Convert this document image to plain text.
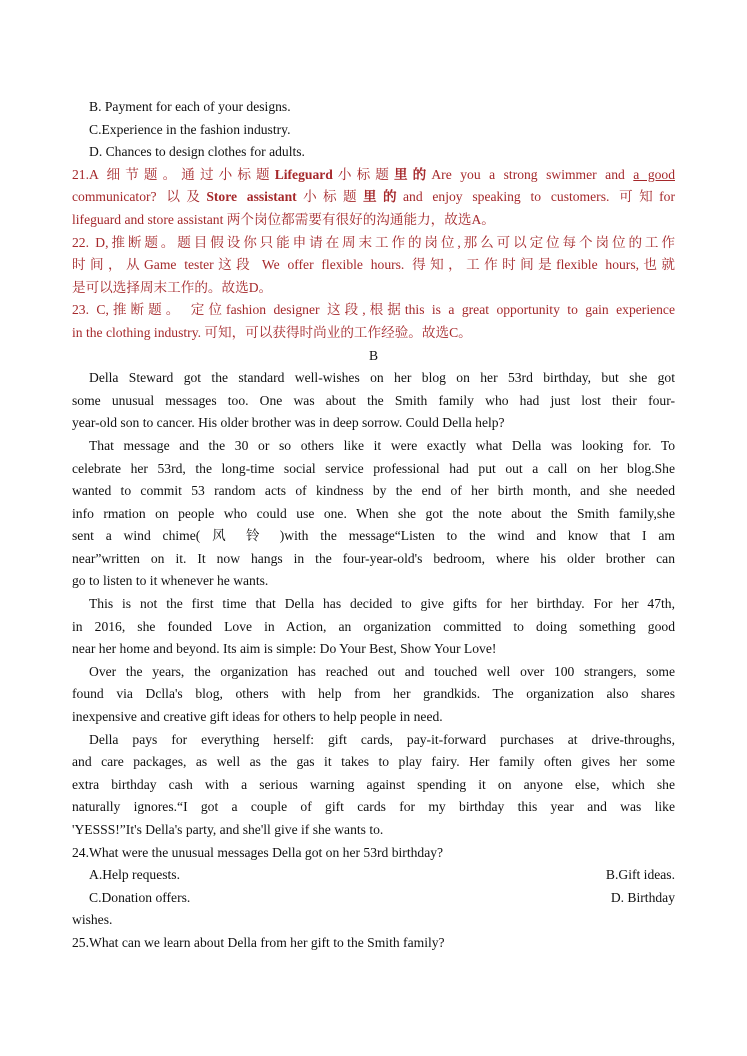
B. Payment for each of your designs.
C.Experience in the fashion industry.
D. Chances to design clothes for adults.
21.A 细节题。通过小标题Lifeguard小标题里的Are you a strong swimmer and a good
communicator? 以及Store assistant小标题里的and enjoy speaking to customers. 可知for
lifeguard and store assistant 两个岗位都需要有很好的沟通能力，故选A。
22. D,推断题。题目假设你只能申请在周末工作的岗位,那么可以定位每个岗位的工作
时间，从Game tester这段 We offer flexible hours. 得知，工作时间是flexible hours,也就
是可以选择周末工作的。故选D。
23. C,推断题。 定位fashion designer 这段,根据this is a great opportunity to gain experience
in the clothing industry. 可知，可以获得时尚业的工作经验。故选C。
B
Della Steward got the standard well-wishes on her blog on her 53rd birthday, but she got
some unusual messages too. One was about the Smith family who had just lost their four-
year-old son to cancer. His older brother was in deep sorrow. Could Della help?
That message and the 30 or so others like it were exactly what Della was looking for. To
celebrate her 53rd, the long-time social service professional had put out a call on her blog.She
wanted to commit 53 random acts of kindness by the end of her birth month, and she needed
info rmation on people who could use one. When she got the note about the Smith family,she
sent a wind chime( 风 铃 )with the message“Listen to the wind and know that I am
near”written on it. It now hangs in the four-year-old's bedroom, where his older brother can
go to listen to it whenever he wants.
This is not the first time that Della has decided to give gifts for her birthday. For her 47th,
in 2016, she founded Love in Action, an organization committed to doing something good
near her home and beyond. Its aim is simple: Do Your Best, Show Your Love!
Over the years, the organization has reached out and touched well over 100 strangers, some
found via Dclla's blog, others with help from her grandkids. The organization also shares
inexpensive and creative gift ideas for others to help people in need.
Della pays for everything herself: gift cards, pay-it-forward purchases at drive-throughs,
and care packages, as well as the gas it takes to play fairy. Her family often gives her some
extra birthday cash with a serious warning against spending it on anyone else, which she
naturally ignores.“I got a couple of gift cards for my birthday this year and was like
'YESSS!”It's Della's party, and she'll give if she wants to.
24.What were the unusual messages Della got on her 53rd birthday?
A.Help requests.	B.Gift ideas.
C.Donation offers.	D. Birthday
wishes.
25.What can we learn about Della from her gift to the Smith family?
